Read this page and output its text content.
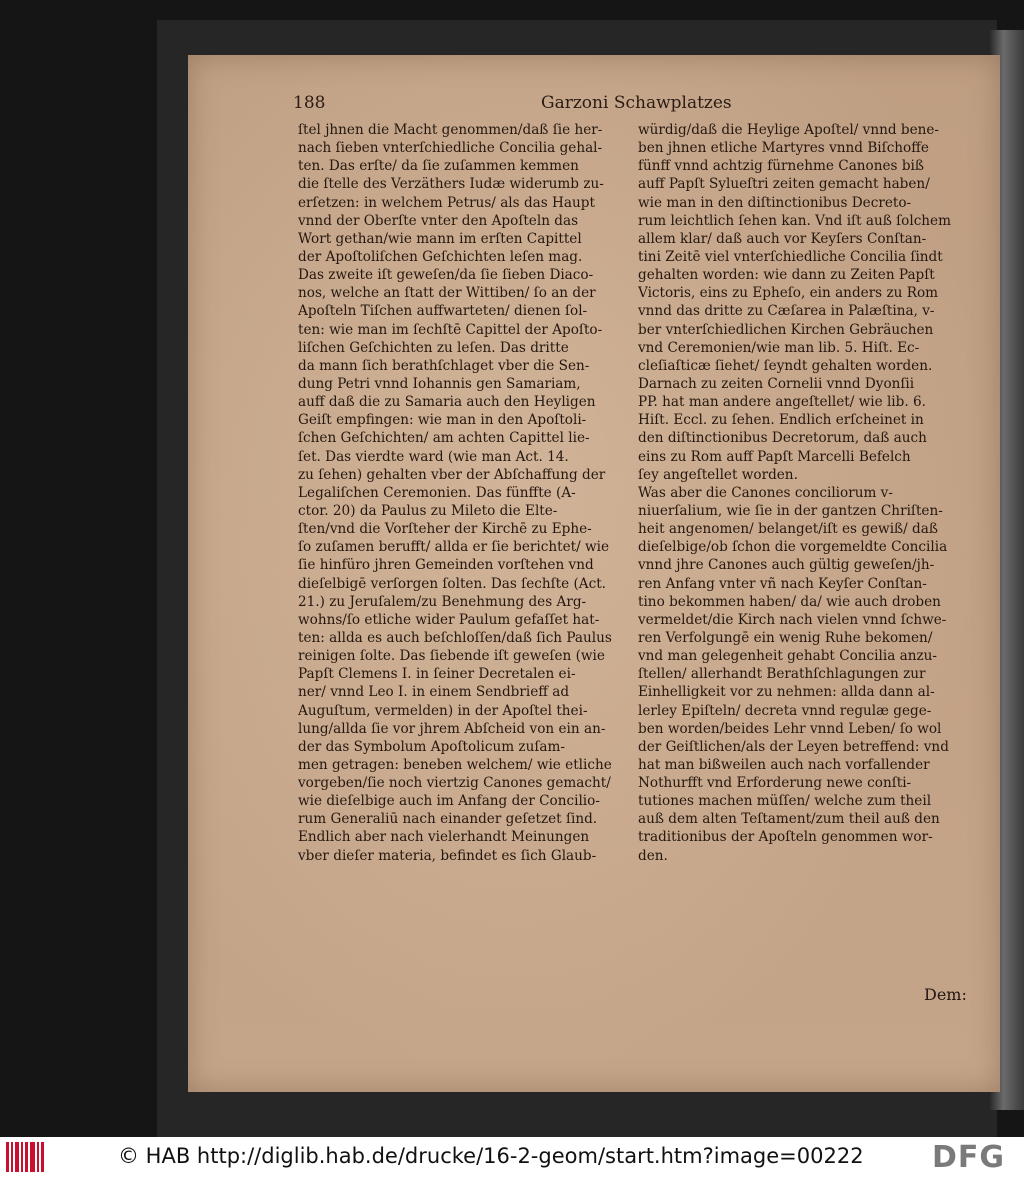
188	Garzoni Schawplatzes
ſtel jhnen die Macht genommen/daß ſie her-
nach ſieben vnterſchiedliche Concilia gehal-
ten. Das erſte/ da ſie zuſammen kemmen
die ſtelle des Verzäthers Iudæ widerumb zu-
erſetzen: in welchem Petrus/ als das Haupt
vnnd der Oberſte vnter den Apoſteln das
Wort gethan/wie mann im erſten Capittel
der Apoſtoliſchen Geſchichten leſen mag.
Das zweite iſt geweſen/da ſie ſieben Diaco-
nos, welche an ſtatt der Wittiben/ ſo an der
Apoſteln Tiſchen auffwarteten/ dienen ſol-
ten: wie man im ſechſtē Capittel der Apoſto-
liſchen Geſchichten zu leſen. Das dritte
da mann ſich berathſchlaget vber die Sen-
dung Petri vnnd Iohannis gen Samariam,
auff daß die zu Samaria auch den Heyligen
Geiſt empfingen: wie man in den Apoſtoli-
ſchen Geſchichten/ am achten Capittel lie-
ſet. Das vierdte ward (wie man Act. 14.
zu ſehen) gehalten vber der Abſchaffung der
Legaliſchen Ceremonien. Das fünffte (A-
ctor. 20) da Paulus zu Mileto die Elte-
ſten/vnd die Vorſteher der Kirchē zu Ephe-
ſo zuſamen berufft/ allda er ſie berichtet/ wie
ſie hinfüro jhren Gemeinden vorſtehen vnd
dieſelbigē verſorgen ſolten. Das ſechſte (Act.
21.) zu Jeruſalem/zu Benehmung des Arg-
wohns/ſo etliche wider Paulum gefaſſet hat-
ten: allda es auch beſchloſſen/daß ſich Paulus
reinigen ſolte. Das ſiebende iſt geweſen (wie
Papſt Clemens I. in ſeiner Decretalen ei-
ner/ vnnd Leo I. in einem Sendbrieff ad
Auguſtum, vermelden) in der Apoſtel thei-
lung/allda ſie vor jhrem Abſcheid von ein an-
der das Symbolum Apoſtolicum zuſam-
men getragen: beneben welchem/ wie etliche
vorgeben/ſie noch viertzig Canones gemacht/
wie dieſelbige auch im Anfang der Concilio-
rum Generaliū nach einander geſetzet ſind.
Endlich aber nach vielerhandt Meinungen
vber dieſer materia, befindet es ſich Glaub-
würdig/daß die Heylige Apoſtel/ vnnd bene-
ben jhnen etliche Martyres vnnd Biſchoffe
fünff vnnd achtzig fürnehme Canones biß
auff Papſt Sylueſtri zeiten gemacht haben/
wie man in den diſtinctionibus Decreto-
rum leichtlich ſehen kan. Vnd iſt auß ſolchem
allem klar/ daß auch vor Keyſers Conſtan-
tini Zeitē viel vnterſchiedliche Concilia ſindt
gehalten worden: wie dann zu Zeiten Papſt
Victoris, eins zu Epheſo, ein anders zu Rom
vnnd das dritte zu Cæſarea in Palæſtina, v-
ber vnterſchiedlichen Kirchen Gebräuchen
vnd Ceremonien/wie man lib. 5. Hiſt. Ec-
cleſiaſticæ ſiehet/ ſeyndt gehalten worden.
Darnach zu zeiten Cornelii vnnd Dyonſii
PP. hat man andere angeſtellet/ wie lib. 6.
Hiſt. Eccl. zu ſehen. Endlich erſcheinet in
den diſtinctionibus Decretorum, daß auch
eins zu Rom auff Papſt Marcelli Befelch
ſey angeſtellet worden.
Was aber die Canones conciliorum v-
niuerſalium, wie ſie in der gantzen Chriſten-
heit angenomen/ belanget/iſt es gewiß/ daß
dieſelbige/ob ſchon die vorgemeldte Concilia
vnnd jhre Canones auch gültig geweſen/jh-
ren Anfang vnter vñ nach Keyſer Conſtan-
tino bekommen haben/ da/ wie auch droben
vermeldet/die Kirch nach vielen vnnd ſchwe-
ren Verfolgungē ein wenig Ruhe bekomen/
vnd man gelegenheit gehabt Concilia anzu-
ſtellen/ allerhandt Berathſchlagungen zur
Einhelligkeit vor zu nehmen: allda dann al-
lerley Epiſteln/ decreta vnnd regulæ gege-
ben worden/beides Lehr vnnd Leben/ ſo wol
der Geiſtlichen/als der Leyen betreffend: vnd
hat man bißweilen auch nach vorfallender
Nothurfft vnd Erforderung newe conſti-
tutiones machen müſſen/ welche zum theil
auß dem alten Teſtament/zum theil auß den
traditionibus der Apoſteln genommen wor-
den.
Dem:
© HAB http://diglib.hab.de/drucke/16-2-geom/start.htm?image=00222 DFG
